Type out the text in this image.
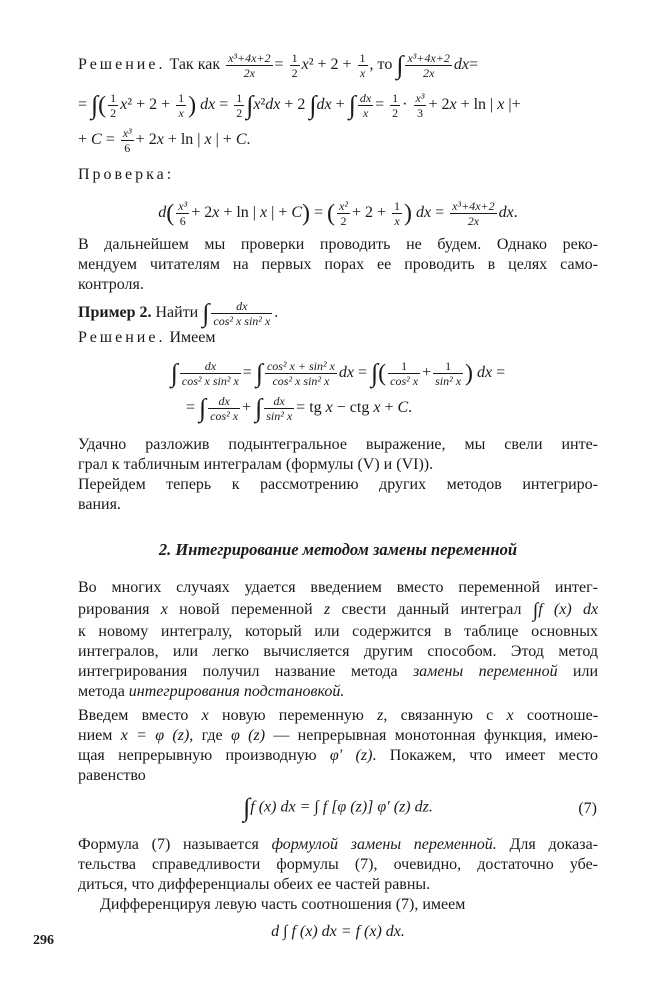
Решение. Так как $\frac{\text{x³+4x+2}}{2x} = \frac{1}{2} x^2 + 2 + \frac{1}{x}$ , то ∫ $\frac{\text{x³+4x+2}}{2x} dx=$
= ∫( $\frac{1}{2} x^2 + 2 + \frac{1}{x}$ ) dx = $\frac{1}{2} \int x^2dx + 2$ ∫dx + ∫ $\frac{dx}{x} = \frac{1}{2} \cdot \frac{\text{x³}}{3} + 2x + \ln$ | x |+
+ $C = \frac{\text{x³}}{6} + 2x + \ln$ | x | + C.
Проверка:
$d( \frac{\text{x³}}{6} + 2x + \ln$ | x | + C) = ( $\frac{\text{x²}}{2} + 2 + \frac{1}{x}$ ) dx = $\frac{\text{x³+4x+2}}{2x}$ dx.
В дальнейшем мы проверки проводить не будем. Однако реко-
мендуем читателям на первых порах ее проводить в целях само-
контроля.
Пример 2. Найти ∫ $\frac{dx}{\text{cos² x sin² x}}$ .
Решение. Имеем
∫ $\frac{dx}{\text{cos² x sin² x}}$ = ∫ $\frac{\text{cos² x + sin² x}}{\text{cos² x sin² x}}$ dx = ∫( $\frac{1}{\text{cos² x}} + \frac{1}{\text{sin² x}}$ ) dx =
= ∫ $\frac{dx}{\text{cos² x}}$ + ∫ $\frac{dx}{\text{sin² x}}$ = tg x − ctg x + C.
Удачно разложив подынтегральное выражение, мы свели инте-
грал к табличным интегралам (формулы (V) и (VI)).
Перейдем теперь к рассмотрению других методов интегриро-
вания.
2. Интегрирование методом замены переменной
Во многих случаях удается введением вместо переменной интег-
рирования x новой переменной z свести данный интеграл ∫f (x) dx
к новому интегралу, который или содержится в таблице основных
интегралов, или легко вычисляется другим способом. Этод метод
интегрирования получил название метода замены переменной или
метода интегрирования подстановкой.
Введем вместо x новую переменную z, связанную с x соотноше-
нием x = φ (z), где φ (z) — непрерывная монотонная функция, имею-
щая непрерывную производную φ′ (z). Покажем, что имеет место
равенство
∫f (x) dx = ∫ f [φ (z)] φ′ (z) dz.	(7)
Формула (7) называется формулой замены переменной. Для доказа-
тельства справедливости формулы (7), очевидно, достаточно убе-
диться, что дифференциалы обеих ее частей равны.
Дифференцируя левую часть соотношения (7), имеем
d ∫ f (x) dx = f (x) dx.
296
